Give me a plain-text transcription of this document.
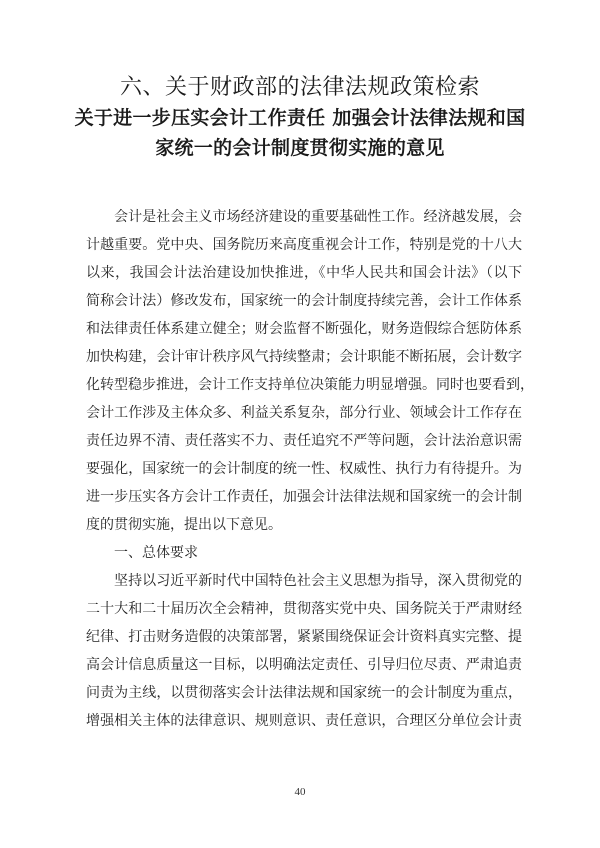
六、关于财政部的法律法规政策检索
关于进一步压实会计工作责任 加强会计法律法规和国
家统一的会计制度贯彻实施的意见
会计是社会主义市场经济建设的重要基础性工作。经济越发展，会
计越重要。党中央、国务院历来高度重视会计工作，特别是党的十八大
以来，我国会计法治建设加快推进，《中华人民共和国会计法》（以下
简称会计法）修改发布，国家统一的会计制度持续完善，会计工作体系
和法律责任体系建立健全；财会监督不断强化，财务造假综合惩防体系
加快构建，会计审计秩序风气持续整肃；会计职能不断拓展，会计数字
化转型稳步推进，会计工作支持单位决策能力明显增强。同时也要看到，
会计工作涉及主体众多、利益关系复杂，部分行业、领域会计工作存在
责任边界不清、责任落实不力、责任追究不严等问题，会计法治意识需
要强化，国家统一的会计制度的统一性、权威性、执行力有待提升。为
进一步压实各方会计工作责任，加强会计法律法规和国家统一的会计制
度的贯彻实施，提出以下意见。
一、总体要求
坚持以习近平新时代中国特色社会主义思想为指导，深入贯彻党的
二十大和二十届历次全会精神，贯彻落实党中央、国务院关于严肃财经
纪律、打击财务造假的决策部署，紧紧围绕保证会计资料真实完整、提
高会计信息质量这一目标，以明确法定责任、引导归位尽责、严肃追责
问责为主线，以贯彻落实会计法律法规和国家统一的会计制度为重点，
增强相关主体的法律意识、规则意识、责任意识，合理区分单位会计责
40
